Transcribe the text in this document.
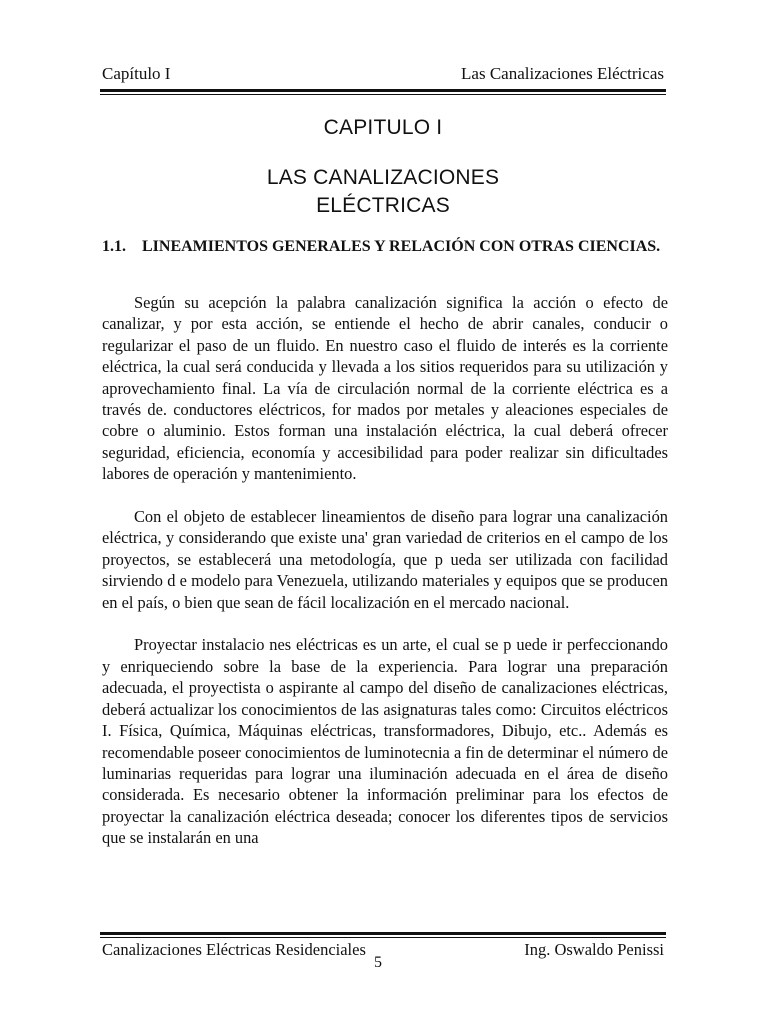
Capítulo I	Las Canalizaciones Eléctricas
CAPITULO I
LAS CANALIZACIONES
ELÉCTRICAS
1.1. LINEAMIENTOS GENERALES Y RELACIÓN CON OTRAS CIENCIAS.

Según su acepción la palabra canalización significa la acción o efecto de canalizar, y por esta acción, se entiende el hecho de abrir canales, conducir o regularizar el paso de un fluido. En nuestro caso el fluido de interés es la corriente eléctrica, la cual será conducida y llevada a los sitios requeridos para su utilización y aprovechamiento final. La vía de circulación normal de la corriente eléctrica es a través de. conductores eléctricos, for mados por metales y aleaciones especiales de cobre o aluminio. Estos forman una instalación eléctrica, la cual deberá ofrecer seguridad, eficiencia, economía y accesibilidad para poder realizar sin dificultades labores de operación y mantenimiento.

Con el objeto de establecer lineamientos de diseño para lograr una canalización eléctrica, y considerando que existe una' gran variedad de criterios en el campo de los proyectos, se establecerá una metodología, que p ueda ser utilizada con facilidad sirviendo d e modelo para Venezuela, utilizando materiales y equipos que se producen en el país, o bien que sean de fácil localización en el mercado nacional.

Proyectar instalacio nes eléctricas es un arte, el cual se p uede ir perfeccionando y enriqueciendo sobre la base de la experiencia. Para lograr una preparación adecuada, el proyectista o aspirante al campo del diseño de canalizaciones eléctricas, deberá actualizar los conocimientos de las asignaturas tales como: Circuitos eléctricos I. Física, Química, Máquinas eléctricas, transformadores, Dibujo, etc.. Además es recomendable poseer conocimientos de luminotecnia a fin de determinar el número de luminarias requeridas para lograr una iluminación adecuada en el área de diseño considerada. Es necesario obtener la información preliminar para los efectos de proyectar la canalización eléctrica deseada; conocer los diferentes tipos de servicios que se instalarán en una

Canalizaciones Eléctricas Residenciales	Ing. Oswaldo Penissi
5
